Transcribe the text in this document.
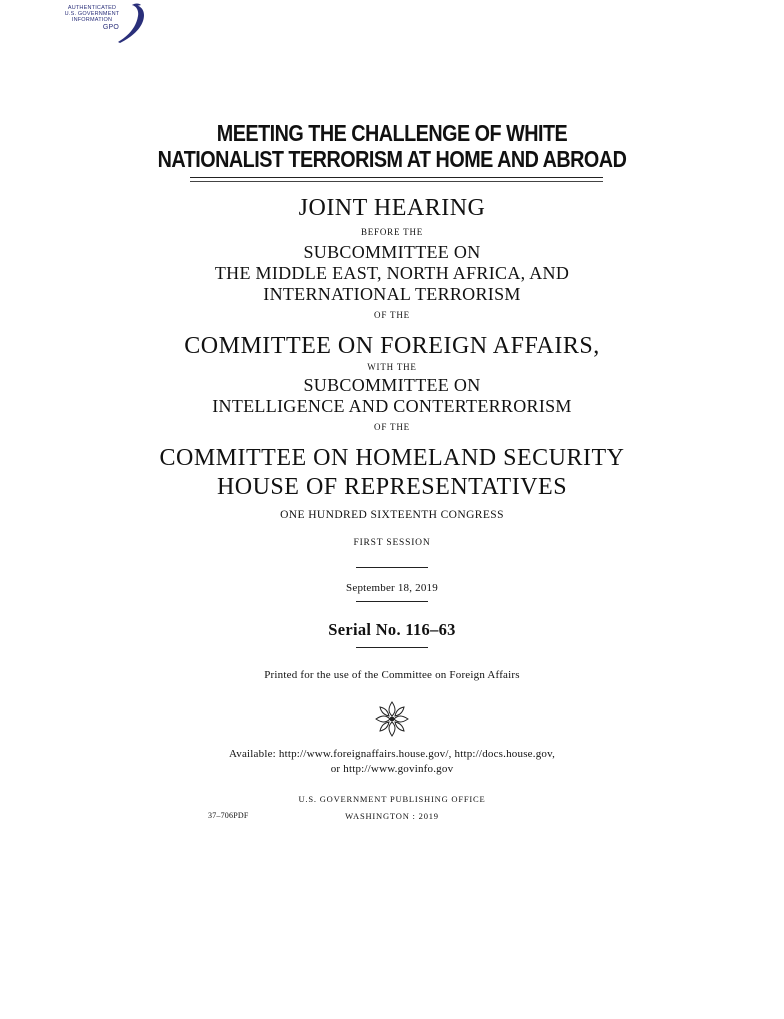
AUTHENTICATED
U.S. GOVERNMENT
INFORMATION
GPO
MEETING THE CHALLENGE OF WHITE
NATIONALIST TERRORISM AT HOME AND ABROAD
JOINT HEARING
BEFORE THE
SUBCOMMITTEE ON
THE MIDDLE EAST, NORTH AFRICA, AND
INTERNATIONAL TERRORISM
OF THE
COMMITTEE ON FOREIGN AFFAIRS,
WITH THE
SUBCOMMITTEE ON
INTELLIGENCE AND CONTERTERRORISM
OF THE
COMMITTEE ON HOMELAND SECURITY
HOUSE OF REPRESENTATIVES
ONE HUNDRED SIXTEENTH CONGRESS
FIRST SESSION
September 18, 2019
Serial No. 116–63
Printed for the use of the Committee on Foreign Affairs
Available: http://www.foreignaffairs.house.gov/, http://docs.house.gov,
or http://www.govinfo.gov
U.S. GOVERNMENT PUBLISHING OFFICE
37–706PDF	WASHINGTON : 2019
